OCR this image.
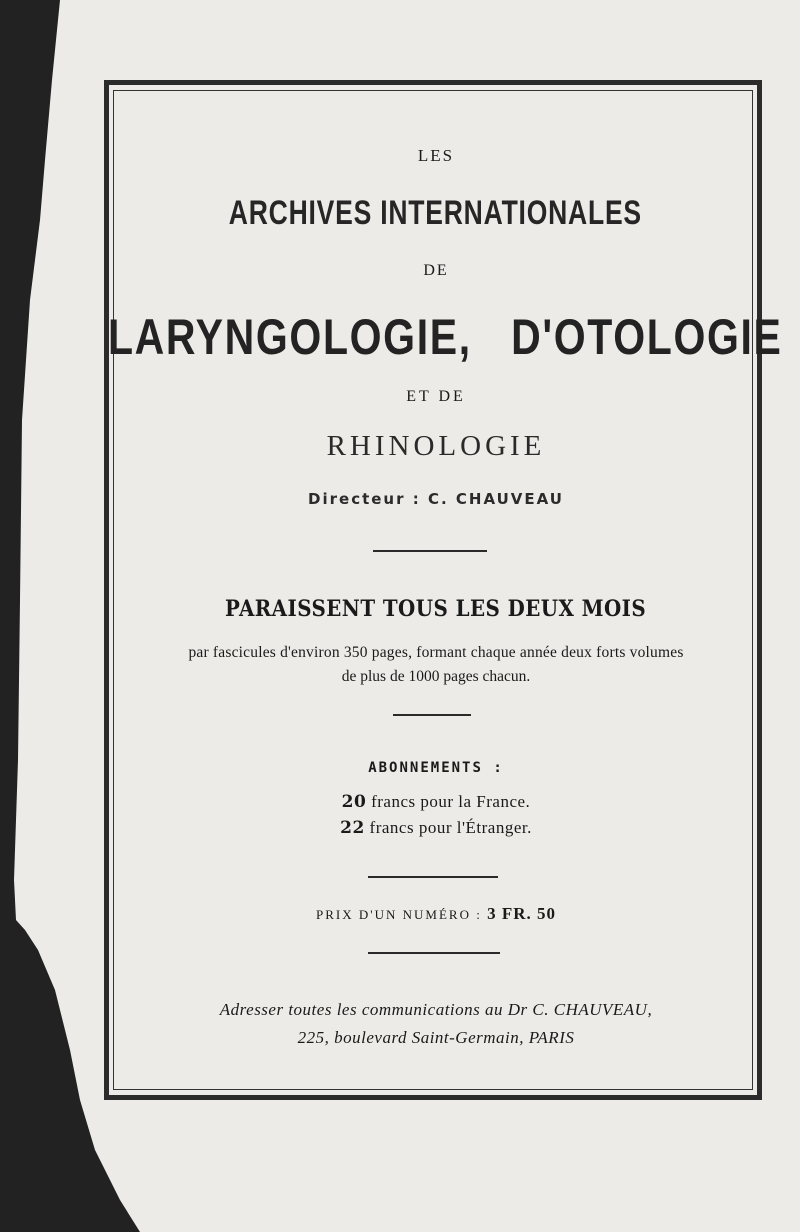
LES
ARCHIVES INTERNATIONALES
DE
LARYNGOLOGIE, D'OTOLOGIE
ET DE
RHINOLOGIE
Directeur : C. CHAUVEAU
PARAISSENT TOUS LES DEUX MOIS
par fascicules d'environ 350 pages, formant chaque année deux forts volumes
de plus de 1000 pages chacun.
ABONNEMENTS :
20 francs pour la France.
22 francs pour l'Étranger.
PRIX D'UN NUMÉRO : 3 FR. 50
Adresser toutes les communications au Dr C. CHAUVEAU,
225, boulevard Saint-Germain, PARIS
